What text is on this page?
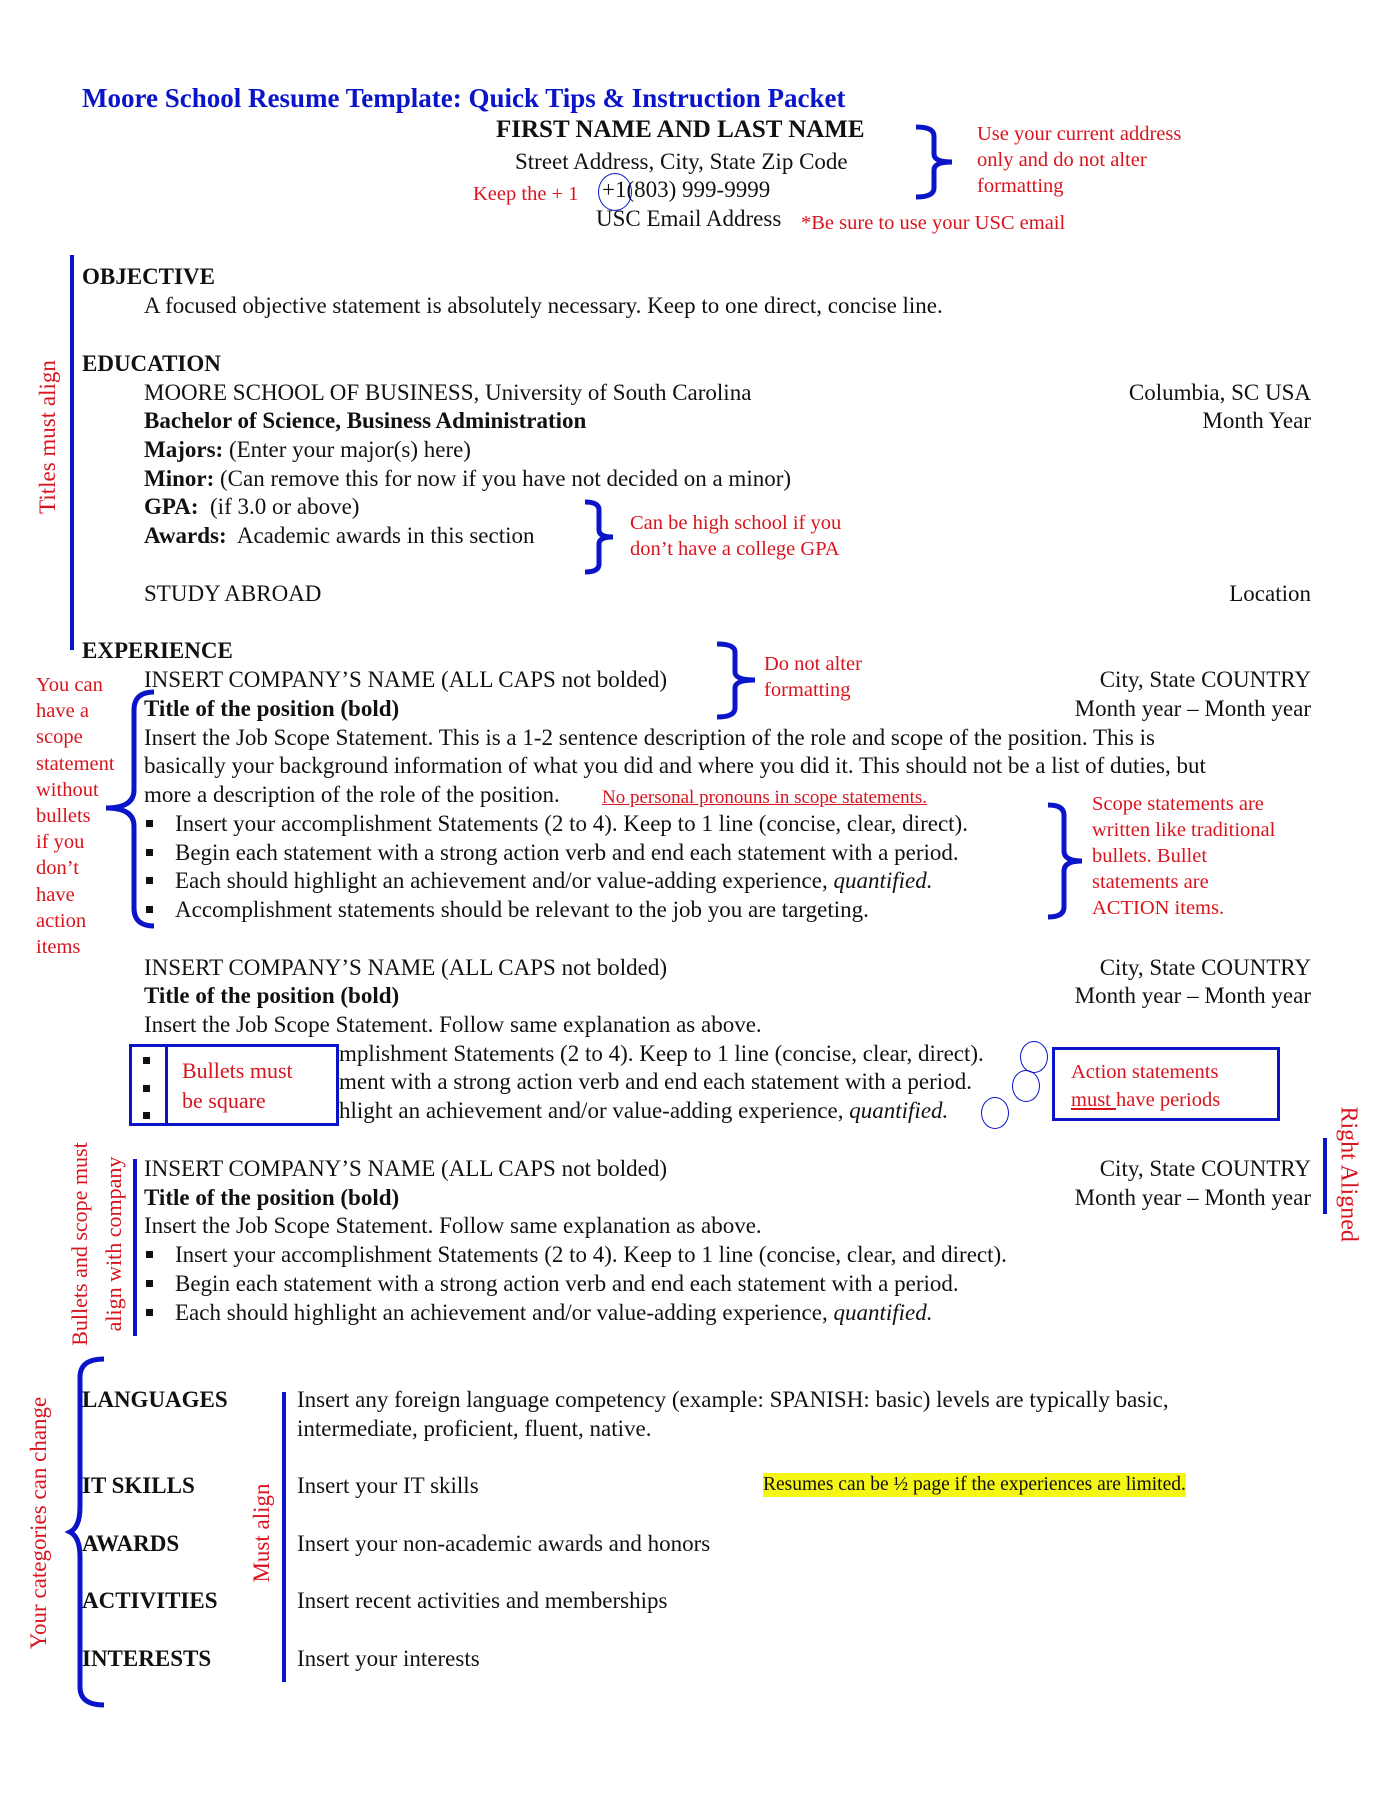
Moore School Resume Template: Quick Tips & Instruction Packet
FIRST NAME AND LAST NAME
Street Address, City, State Zip Code
+1(803) 999-9999
USC Email Address *Be sure to use your USC email
Keep the + 1
Use your current address
only and do not alter
formatting
Titles must align
OBJECTIVE
A focused objective statement is absolutely necessary. Keep to one direct, concise line.
EDUCATION
MOORE SCHOOL OF BUSINESS, University of South Carolina	Columbia, SC USA
Bachelor of Science, Business Administration	Month Year
Majors: (Enter your major(s) here)
Minor: (Can remove this for now if you have not decided on a minor)
GPA:  (if 3.0 or above)
Awards:  Academic awards in this section	Can be high school if you
don’t have a college GPA
STUDY ABROAD	Location
EXPERIENCE
INSERT COMPANY’S NAME (ALL CAPS not bolded)	City, State COUNTRY
Title of the position (bold)	Month year – Month year
Insert the Job Scope Statement. This is a 1-2 sentence description of the role and scope of the position. This is
basically your background information of what you did and where you did it. This should not be a list of duties, but
more a description of the role of the position. No personal pronouns in scope statements.
Insert your accomplishment Statements (2 to 4). Keep to 1 line (concise, clear, direct).
Begin each statement with a strong action verb and end each statement with a period.
Each should highlight an achievement and/or value-adding experience, quantified.
Accomplishment statements should be relevant to the job you are targeting.
Do not alter
formatting
You can
have a
scope
statement
without
bullets
if you
don’t
have
action
items
Scope statements are
written like traditional
bullets. Bullet
statements are
ACTION items.
INSERT COMPANY’S NAME (ALL CAPS not bolded)	City, State COUNTRY
Title of the position (bold)	Month year – Month year
Insert the Job Scope Statement. Follow same explanation as above.
mplishment Statements (2 to 4). Keep to 1 line (concise, clear, direct).
ment with a strong action verb and end each statement with a period.
hlight an achievement and/or value-adding experience, quantified.
Bullets must
be square
Action statements
must have periods
Right Aligned
Bullets and scope must align with company INSERT COMPANY’S NAME (ALL CAPS not bolded)	City, State COUNTRY
Title of the position (bold)	Month year – Month year
Insert the Job Scope Statement. Follow same explanation as above.
Insert your accomplishment Statements (2 to 4). Keep to 1 line (concise, clear, and direct).
Begin each statement with a strong action verb and end each statement with a period.
Each should highlight an achievement and/or value-adding experience, quantified.
Your categories can change	Must align
LANGUAGES	Insert any foreign language competency (example: SPANISH: basic) levels are typically basic,
intermediate, proficient, fluent, native.
IT SKILLS	Insert your IT skills	Resumes can be ½ page if the experiences are limited.
AWARDS	Insert your non-academic awards and honors
ACTIVITIES	Insert recent activities and memberships
INTERESTS	Insert your interests
